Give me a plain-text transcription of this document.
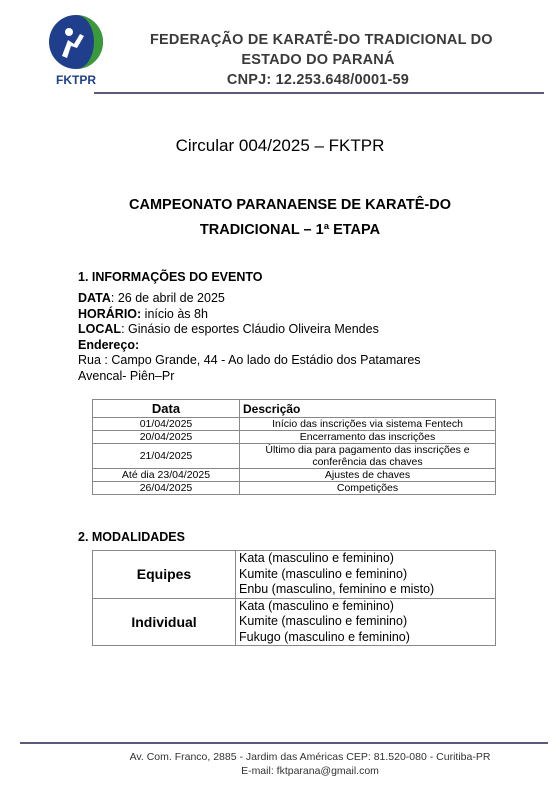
FKTPR
FEDERAÇÃO DE KARATÊ-DO TRADICIONAL DO
ESTADO DO PARANÁ
CNPJ: 12.253.648/0001-59
Circular 004/2025 – FKTPR
CAMPEONATO PARANAENSE DE KARATÊ-DO
TRADICIONAL – 1ª ETAPA
1. INFORMAÇÕES DO EVENTO
DATA: 26 de abril de 2025
HORÁRIO: início às 8h
LOCAL: Ginásio de esportes Cláudio Oliveira Mendes
Endereço:
Rua : Campo Grande, 44 - Ao lado do Estádio dos Patamares
Avencal- Piên–Pr
Data	Descrição
01/04/2025	Início das inscrições via sistema Fentech
20/04/2025	Encerramento das inscrições
21/04/2025	Último dia para pagamento das inscrições e conferência das chaves
Até dia 23/04/2025	Ajustes de chaves
26/04/2025	Competições
2. MODALIDADES
Equipes	Kata (masculino e feminino)
Kumite (masculino e feminino)
Enbu (masculino, feminino e misto)

Individual	Kata (masculino e feminino)
Kumite (masculino e feminino)
Fukugo (masculino e feminino)
Av. Com. Franco, 2885 - Jardim das Américas CEP: 81.520-080 - Curitiba-PR
E-mail: fktparana@gmail.com
